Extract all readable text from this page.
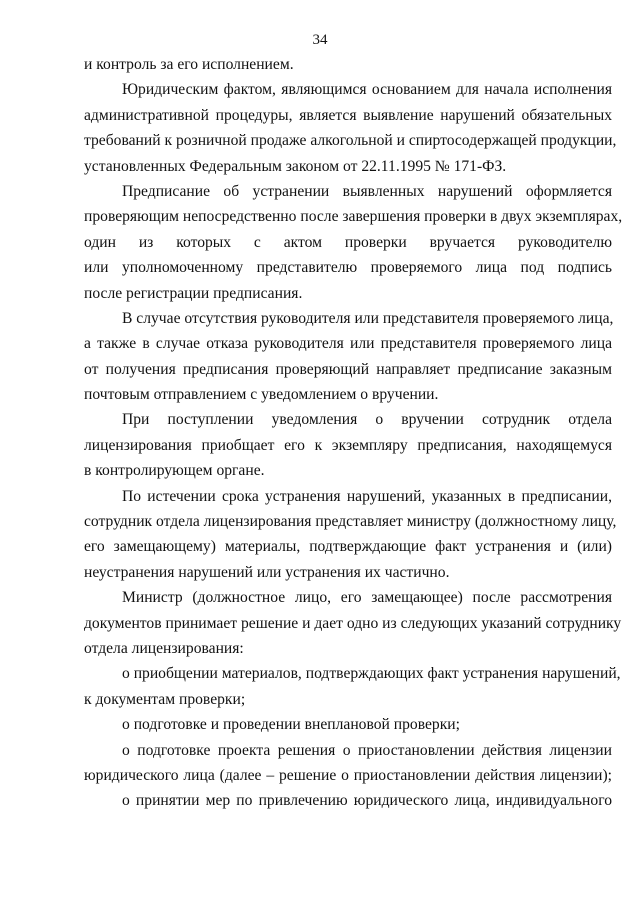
34
и контроль за его исполнением.
Юридическим фактом, являющимся основанием для начала исполнения
административной процедуры, является выявление нарушений обязательных
требований к розничной продаже алкогольной и спиртосодержащей продукции,
установленных Федеральным законом от 22.11.1995 № 171-ФЗ.
Предписание об устранении выявленных нарушений оформляется
проверяющим непосредственно после завершения проверки в двух экземплярах,
один из которых с актом проверки вручается руководителю
или уполномоченному представителю проверяемого лица под подпись
после регистрации предписания.
В случае отсутствия руководителя или представителя проверяемого лица,
а также в случае отказа руководителя или представителя проверяемого лица
от получения предписания проверяющий направляет предписание заказным
почтовым отправлением с уведомлением о вручении.
При поступлении уведомления о вручении сотрудник отдела
лицензирования приобщает его к экземпляру предписания, находящемуся
в контролирующем органе.
По истечении срока устранения нарушений, указанных в предписании,
сотрудник отдела лицензирования представляет министру (должностному лицу,
его замещающему) материалы, подтверждающие факт устранения и (или)
неустранения нарушений или устранения их частично.
Министр (должностное лицо, его замещающее) после рассмотрения
документов принимает решение и дает одно из следующих указаний сотруднику
отдела лицензирования:
о приобщении материалов, подтверждающих факт устранения нарушений,
к документам проверки;
о подготовке и проведении внеплановой проверки;
о подготовке проекта решения о приостановлении действия лицензии
юридического лица (далее – решение о приостановлении действия лицензии);
о принятии мер по привлечению юридического лица, индивидуального
